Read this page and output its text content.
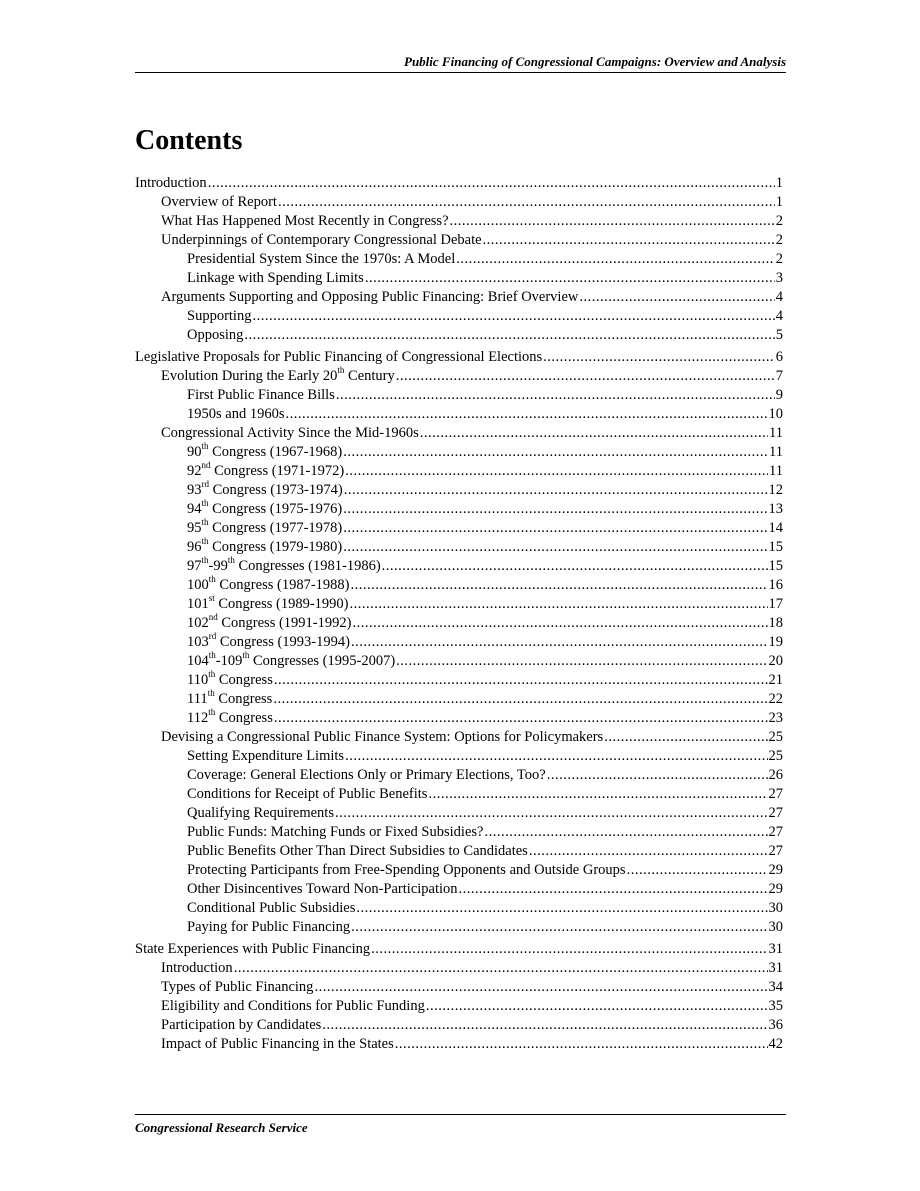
Public Financing of Congressional Campaigns: Overview and Analysis
Contents
Introduction .....	1
Overview of Report .....	1
What Has Happened Most Recently in Congress? .....	2
Underpinnings of Contemporary Congressional Debate .....	2
Presidential System Since the 1970s: A Model .....	2
Linkage with Spending Limits .....	3
Arguments Supporting and Opposing Public Financing: Brief Overview .....	4
Supporting .....	4
Opposing .....	5
Legislative Proposals for Public Financing of Congressional Elections .....	6
Evolution During the Early 20th Century .....	7
First Public Finance Bills .....	9
1950s and 1960s .....	10
Congressional Activity Since the Mid-1960s .....	11
90th Congress (1967-1968) .....	11
92nd Congress (1971-1972) .....	11
93rd Congress (1973-1974) .....	12
94th Congress (1975-1976) .....	13
95th Congress (1977-1978) .....	14
96th Congress (1979-1980) .....	15
97th-99th Congresses (1981-1986) .....	15
100th Congress (1987-1988) .....	16
101st Congress (1989-1990) .....	17
102nd Congress (1991-1992) .....	18
103rd Congress (1993-1994) .....	19
104th-109th Congresses (1995-2007) .....	20
110th Congress .....	21
111th Congress .....	22
112th Congress .....	23
Devising a Congressional Public Finance System: Options for Policymakers .....	25
Setting Expenditure Limits .....	25
Coverage: General Elections Only or Primary Elections, Too? .....	26
Conditions for Receipt of Public Benefits .....	27
Qualifying Requirements .....	27
Public Funds: Matching Funds or Fixed Subsidies? .....	27
Public Benefits Other Than Direct Subsidies to Candidates .....	27
Protecting Participants from Free-Spending Opponents and Outside Groups .....	29
Other Disincentives Toward Non-Participation .....	29
Conditional Public Subsidies .....	30
Paying for Public Financing .....	30
State Experiences with Public Financing .....	31
Introduction .....	31
Types of Public Financing .....	34
Eligibility and Conditions for Public Funding .....	35
Participation by Candidates .....	36
Impact of Public Financing in the States .....	42
Congressional Research Service
